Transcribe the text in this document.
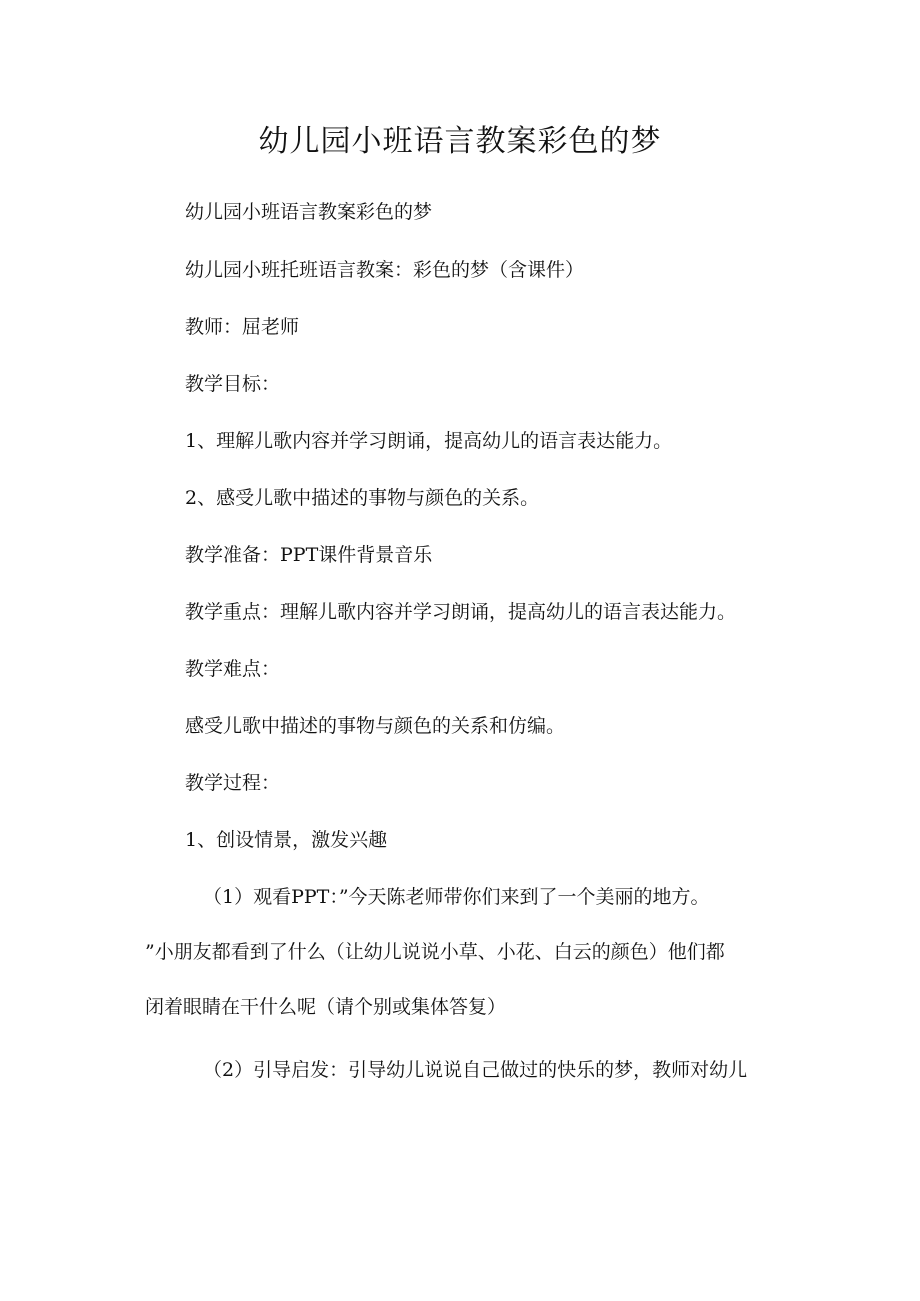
幼儿园小班语言教案彩色的梦

幼儿园小班语言教案彩色的梦

幼儿园小班托班语言教案：彩色的梦（含课件）

教师：屈老师

教学目标：

1、理解儿歌内容并学习朗诵，提高幼儿的语言表达能力。

2、感受儿歌中描述的事物与颜色的关系。

教学准备：PPT课件背景音乐

教学重点：理解儿歌内容并学习朗诵，提高幼儿的语言表达能力。

教学难点：

感受儿歌中描述的事物与颜色的关系和仿编。

教学过程：

1、创设情景，激发兴趣

（1）观看PPT：”今天陈老师带你们来到了一个美丽的地方。

”小朋友都看到了什么（让幼儿说说小草、小花、白云的颜色）他们都

闭着眼睛在干什么呢（请个别或集体答复）

（2）引导启发：引导幼儿说说自己做过的快乐的梦，教师对幼儿
